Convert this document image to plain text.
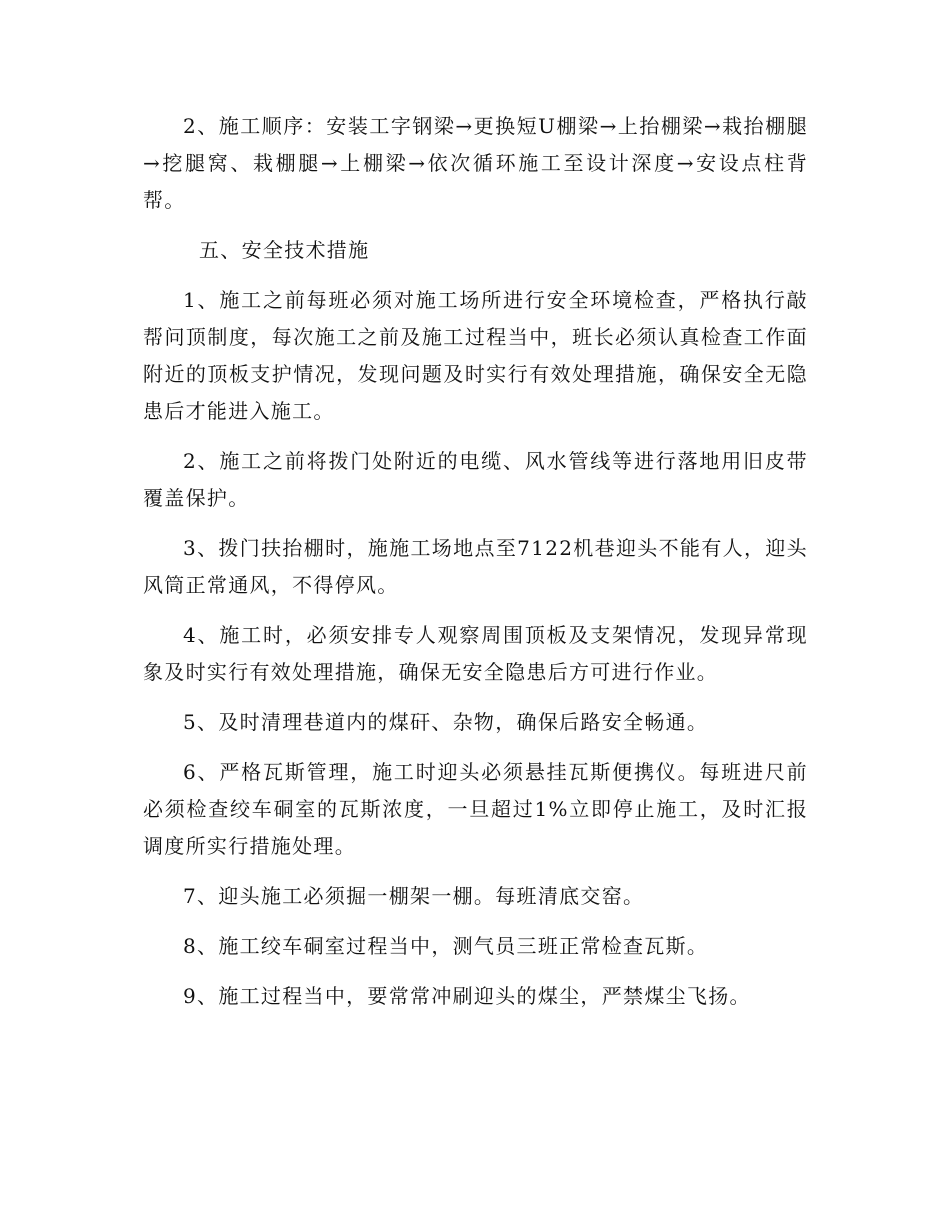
2、施工顺序：安装工字钢梁→更换短U棚梁→上抬棚梁→栽抬棚腿→挖腿窝、栽棚腿→上棚梁→依次循环施工至设计深度→安设点柱背帮。

五、安全技术措施

1、施工之前每班必须对施工场所进行安全环境检查，严格执行敲帮问顶制度，每次施工之前及施工过程当中，班长必须认真检查工作面附近的顶板支护情况，发现问题及时实行有效处理措施，确保安全无隐患后才能进入施工。

2、施工之前将拨门处附近的电缆、风水管线等进行落地用旧皮带覆盖保护。

3、拨门扶抬棚时，施施工场地点至7122机巷迎头不能有人，迎头风筒正常通风，不得停风。

4、施工时，必须安排专人观察周围顶板及支架情况，发现异常现象及时实行有效处理措施，确保无安全隐患后方可进行作业。

5、及时清理巷道内的煤矸、杂物，确保后路安全畅通。

6、严格瓦斯管理，施工时迎头必须悬挂瓦斯便携仪。每班进尺前必须检查绞车硐室的瓦斯浓度，一旦超过1%立即停止施工，及时汇报调度所实行措施处理。

7、迎头施工必须掘一棚架一棚。每班清底交窑。

8、施工绞车硐室过程当中，测气员三班正常检查瓦斯。

9、施工过程当中，要常常冲刷迎头的煤尘，严禁煤尘飞扬。
